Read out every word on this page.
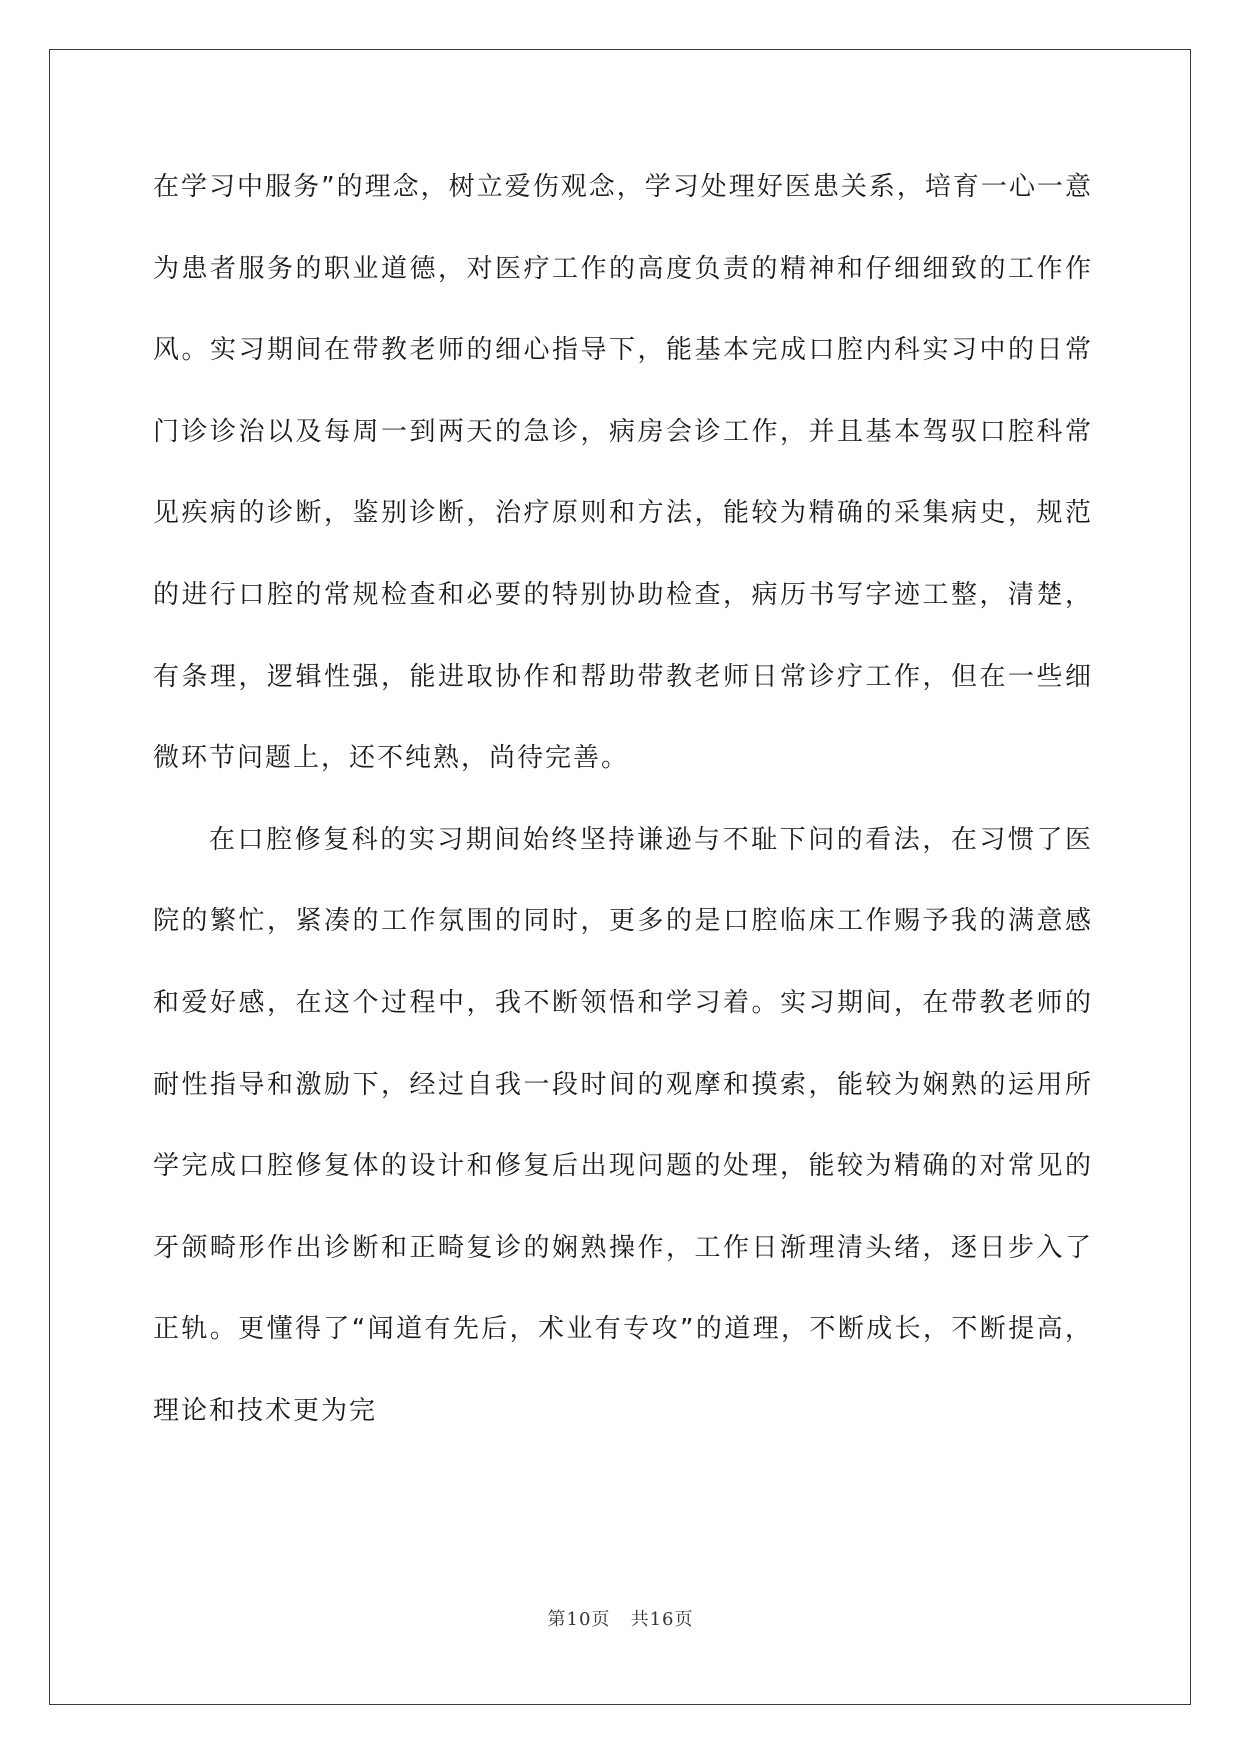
在学习中服务”的理念，树立爱伤观念，学习处理好医患关系，培育一心一意为患者服务的职业道德，对医疗工作的高度负责的精神和仔细细致的工作作风。实习期间在带教老师的细心指导下，能基本完成口腔内科实习中的日常门诊诊治以及每周一到两天的急诊，病房会诊工作，并且基本驾驭口腔科常见疾病的诊断，鉴别诊断，治疗原则和方法，能较为精确的采集病史，规范的进行口腔的常规检查和必要的特别协助检查，病历书写字迹工整，清楚，有条理，逻辑性强，能进取协作和帮助带教老师日常诊疗工作，但在一些细微环节问题上，还不纯熟，尚待完善。

在口腔修复科的实习期间始终坚持谦逊与不耻下问的看法，在习惯了医院的繁忙，紧凑的工作氛围的同时，更多的是口腔临床工作赐予我的满意感和爱好感，在这个过程中，我不断领悟和学习着。实习期间，在带教老师的耐性指导和激励下，经过自我一段时间的观摩和摸索，能较为娴熟的运用所学完成口腔修复体的设计和修复后出现问题的处理，能较为精确的对常见的牙颌畸形作出诊断和正畸复诊的娴熟操作，工作日渐理清头绪，逐日步入了正轨。更懂得了“闻道有先后，术业有专攻”的道理，不断成长，不断提高，理论和技术更为完

第10页 共16页
